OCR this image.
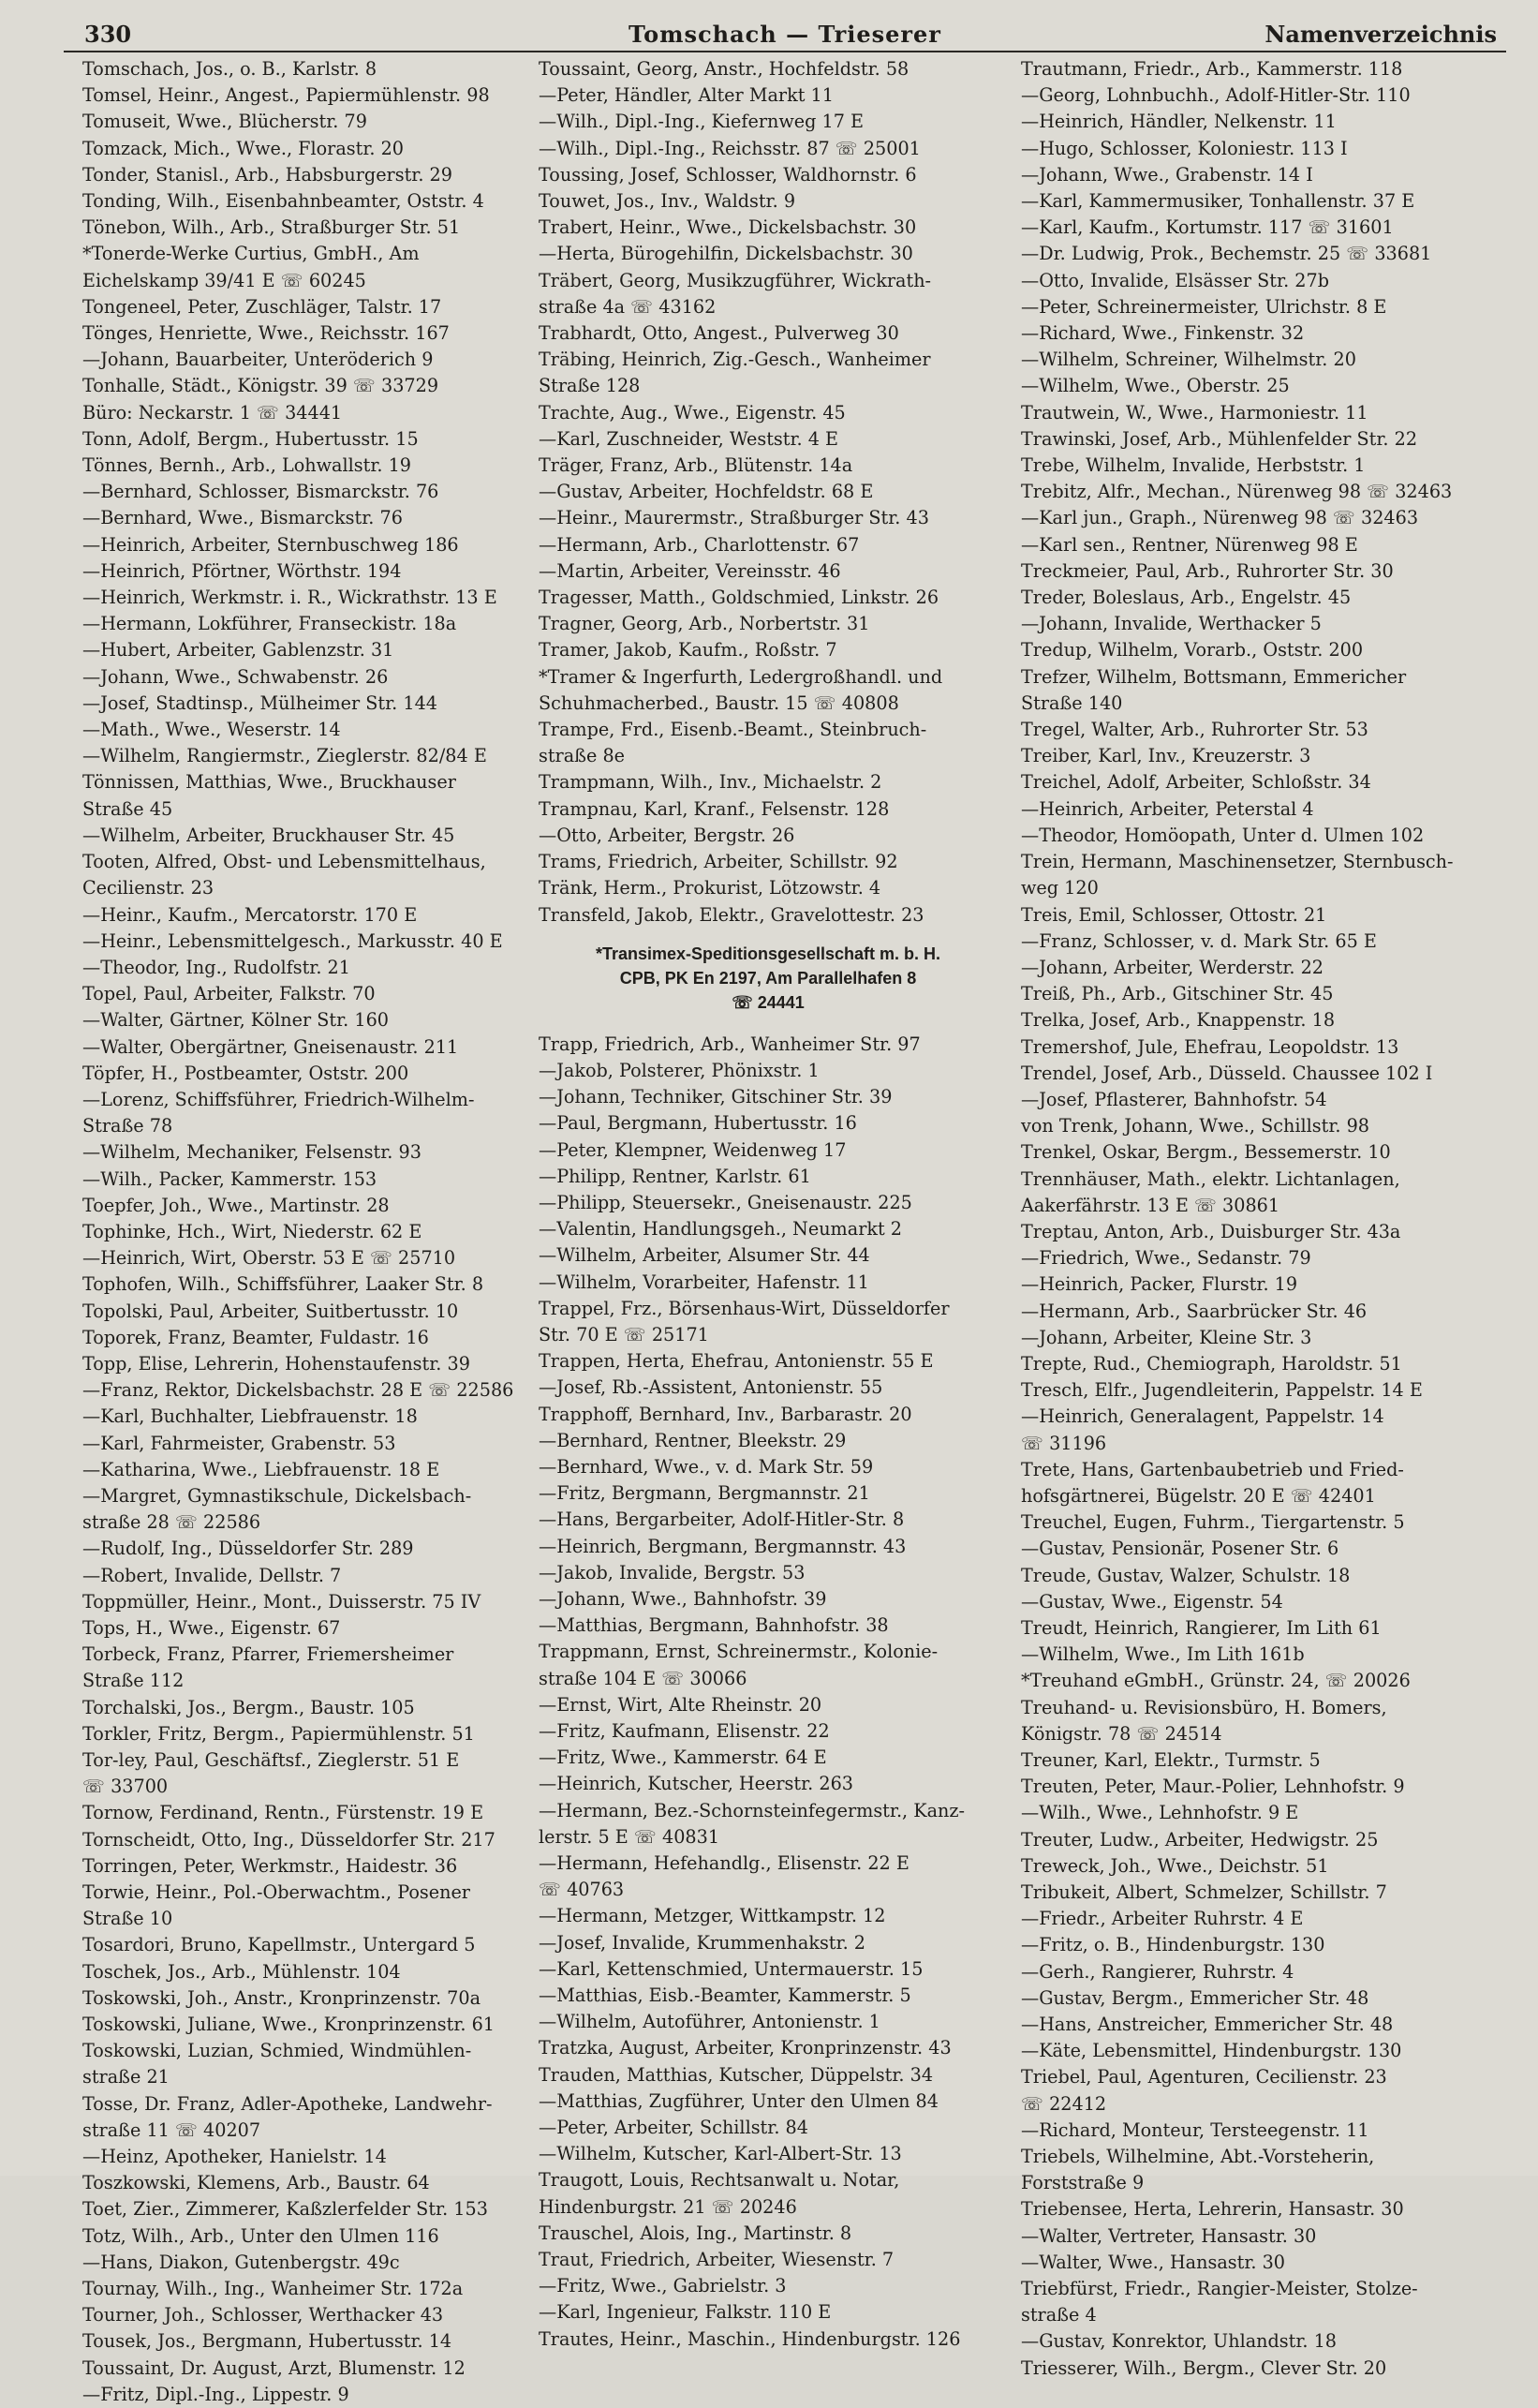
330	Tomschach — Trieserer	Namenverzeichnis
Tomschach, Jos., o. B., Karlstr. 8
Tomsel, Heinr., Angest., Papiermühlenstr. 98
Tomuseit, Wwe., Blücherstr. 79
Tomzack, Mich., Wwe., Florastr. 20
Tonder, Stanisl., Arb., Habsburgerstr. 29
Tonding, Wilh., Eisenbahnbeamter, Oststr. 4
Tönebon, Wilh., Arb., Straßburger Str. 51
*Tonerde-Werke Curtius, GmbH., Am
Eichelskamp 39/41 E ☏ 60245
Tongeneel, Peter, Zuschläger, Talstr. 17
Tönges, Henriette, Wwe., Reichsstr. 167
—Johann, Bauarbeiter, Unteröderich 9
Tonhalle, Städt., Königstr. 39 ☏ 33729
Büro: Neckarstr. 1 ☏ 34441
Tonn, Adolf, Bergm., Hubertusstr. 15
Tönnes, Bernh., Arb., Lohwallstr. 19
—Bernhard, Schlosser, Bismarckstr. 76
—Bernhard, Wwe., Bismarckstr. 76
—Heinrich, Arbeiter, Sternbuschweg 186
—Heinrich, Pförtner, Wörthstr. 194
—Heinrich, Werkmstr. i. R., Wickrathstr. 13 E
—Hermann, Lokführer, Franseckistr. 18a
—Hubert, Arbeiter, Gablenzstr. 31
—Johann, Wwe., Schwabenstr. 26
—Josef, Stadtinsp., Mülheimer Str. 144
—Math., Wwe., Weserstr. 14
—Wilhelm, Rangiermstr., Zieglerstr. 82/84 E
Tönnissen, Matthias, Wwe., Bruckhauser
Straße 45
—Wilhelm, Arbeiter, Bruckhauser Str. 45
Tooten, Alfred, Obst- und Lebensmittelhaus,
Cecilienstr. 23
—Heinr., Kaufm., Mercatorstr. 170 E
—Heinr., Lebensmittelgesch., Markusstr. 40 E
—Theodor, Ing., Rudolfstr. 21
Topel, Paul, Arbeiter, Falkstr. 70
—Walter, Gärtner, Kölner Str. 160
—Walter, Obergärtner, Gneisenaustr. 211
Töpfer, H., Postbeamter, Oststr. 200
—Lorenz, Schiffsführer, Friedrich-Wilhelm-
Straße 78
—Wilhelm, Mechaniker, Felsenstr. 93
—Wilh., Packer, Kammerstr. 153
Toepfer, Joh., Wwe., Martinstr. 28
Tophinke, Hch., Wirt, Niederstr. 62 E
—Heinrich, Wirt, Oberstr. 53 E ☏ 25710
Tophofen, Wilh., Schiffsführer, Laaker Str. 8
Topolski, Paul, Arbeiter, Suitbertusstr. 10
Toporek, Franz, Beamter, Fuldastr. 16
Topp, Elise, Lehrerin, Hohenstaufenstr. 39
—Franz, Rektor, Dickelsbachstr. 28 E ☏ 22586
—Karl, Buchhalter, Liebfrauenstr. 18
—Karl, Fahrmeister, Grabenstr. 53
—Katharina, Wwe., Liebfrauenstr. 18 E
—Margret, Gymnastikschule, Dickelsbach-
straße 28 ☏ 22586
—Rudolf, Ing., Düsseldorfer Str. 289
—Robert, Invalide, Dellstr. 7
Toppmüller, Heinr., Mont., Duisserstr. 75 IV
Tops, H., Wwe., Eigenstr. 67
Torbeck, Franz, Pfarrer, Friemersheimer
Straße 112
Torchalski, Jos., Bergm., Baustr. 105
Torkler, Fritz, Bergm., Papiermühlenstr. 51
Tor-ley, Paul, Geschäftsf., Zieglerstr. 51 E
☏ 33700
Tornow, Ferdinand, Rentn., Fürstenstr. 19 E
Tornscheidt, Otto, Ing., Düsseldorfer Str. 217
Torringen, Peter, Werkmstr., Haidestr. 36
Torwie, Heinr., Pol.-Oberwachtm., Posener
Straße 10
Tosardori, Bruno, Kapellmstr., Untergard 5
Toschek, Jos., Arb., Mühlenstr. 104
Toskowski, Joh., Anstr., Kronprinzenstr. 70a
Toskowski, Juliane, Wwe., Kronprinzenstr. 61
Toskowski, Luzian, Schmied, Windmühlen-
straße 21
Tosse, Dr. Franz, Adler-Apotheke, Landwehr-
straße 11 ☏ 40207
—Heinz, Apotheker, Hanielstr. 14
Toszkowski, Klemens, Arb., Baustr. 64
Toet, Zier., Zimmerer, Kaßzlerfelder Str. 153
Totz, Wilh., Arb., Unter den Ulmen 116
—Hans, Diakon, Gutenbergstr. 49c
Tournay, Wilh., Ing., Wanheimer Str. 172a
Tourner, Joh., Schlosser, Werthacker 43
Tousek, Jos., Bergmann, Hubertusstr. 14
Toussaint, Dr. August, Arzt, Blumenstr. 12
—Fritz, Dipl.-Ing., Lippestr. 9
Toussaint, Georg, Anstr., Hochfeldstr. 58
—Peter, Händler, Alter Markt 11
—Wilh., Dipl.-Ing., Kiefernweg 17 E
—Wilh., Dipl.-Ing., Reichsstr. 87 ☏ 25001
Toussing, Josef, Schlosser, Waldhornstr. 6
Touwet, Jos., Inv., Waldstr. 9
Trabert, Heinr., Wwe., Dickelsbachstr. 30
—Herta, Bürogehilfin, Dickelsbachstr. 30
Träbert, Georg, Musikzugführer, Wickrath-
straße 4a ☏ 43162
Trabhardt, Otto, Angest., Pulverweg 30
Träbing, Heinrich, Zig.-Gesch., Wanheimer
Straße 128
Trachte, Aug., Wwe., Eigenstr. 45
—Karl, Zuschneider, Weststr. 4 E
Träger, Franz, Arb., Blütenstr. 14a
—Gustav, Arbeiter, Hochfeldstr. 68 E
—Heinr., Maurermstr., Straßburger Str. 43
—Hermann, Arb., Charlottenstr. 67
—Martin, Arbeiter, Vereinsstr. 46
Tragesser, Matth., Goldschmied, Linkstr. 26
Tragner, Georg, Arb., Norbertstr. 31
Tramer, Jakob, Kaufm., Roßstr. 7
*Tramer & Ingerfurth, Ledergroßhandl. und
Schuhmacherbed., Baustr. 15 ☏ 40808
Trampe, Frd., Eisenb.-Beamt., Steinbruch-
straße 8e
Trampmann, Wilh., Inv., Michaelstr. 2
Trampnau, Karl, Kranf., Felsenstr. 128
—Otto, Arbeiter, Bergstr. 26
Trams, Friedrich, Arbeiter, Schillstr. 92
Tränk, Herm., Prokurist, Lötzowstr. 4
Transfeld, Jakob, Elektr., Gravelottestr. 23
*Transimex-Speditionsgesellschaft m. b. H.
CPB, PK En 2197, Am Parallelhafen 8
☏ 24441
Trapp, Friedrich, Arb., Wanheimer Str. 97
—Jakob, Polsterer, Phönixstr. 1
—Johann, Techniker, Gitschiner Str. 39
—Paul, Bergmann, Hubertusstr. 16
—Peter, Klempner, Weidenweg 17
—Philipp, Rentner, Karlstr. 61
—Philipp, Steuersekr., Gneisenaustr. 225
—Valentin, Handlungsgeh., Neumarkt 2
—Wilhelm, Arbeiter, Alsumer Str. 44
—Wilhelm, Vorarbeiter, Hafenstr. 11
Trappel, Frz., Börsenhaus-Wirt, Düsseldorfer
Str. 70 E ☏ 25171
Trappen, Herta, Ehefrau, Antonienstr. 55 E
—Josef, Rb.-Assistent, Antonienstr. 55
Trapphoff, Bernhard, Inv., Barbarastr. 20
—Bernhard, Rentner, Bleekstr. 29
—Bernhard, Wwe., v. d. Mark Str. 59
—Fritz, Bergmann, Bergmannstr. 21
—Hans, Bergarbeiter, Adolf-Hitler-Str. 8
—Heinrich, Bergmann, Bergmannstr. 43
—Jakob, Invalide, Bergstr. 53
—Johann, Wwe., Bahnhofstr. 39
—Matthias, Bergmann, Bahnhofstr. 38
Trappmann, Ernst, Schreinermstr., Kolonie-
straße 104 E ☏ 30066
—Ernst, Wirt, Alte Rheinstr. 20
—Fritz, Kaufmann, Elisenstr. 22
—Fritz, Wwe., Kammerstr. 64 E
—Heinrich, Kutscher, Heerstr. 263
—Hermann, Bez.-Schornsteinfegermstr., Kanz-
lerstr. 5 E ☏ 40831
—Hermann, Hefehandlg., Elisenstr. 22 E
☏ 40763
—Hermann, Metzger, Wittkampstr. 12
—Josef, Invalide, Krummenhakstr. 2
—Karl, Kettenschmied, Untermauerstr. 15
—Matthias, Eisb.-Beamter, Kammerstr. 5
—Wilhelm, Autoführer, Antonienstr. 1
Tratzka, August, Arbeiter, Kronprinzenstr. 43
Trauden, Matthias, Kutscher, Düppelstr. 34
—Matthias, Zugführer, Unter den Ulmen 84
—Peter, Arbeiter, Schillstr. 84
—Wilhelm, Kutscher, Karl-Albert-Str. 13
Traugott, Louis, Rechtsanwalt u. Notar,
Hindenburgstr. 21 ☏ 20246
Trauschel, Alois, Ing., Martinstr. 8
Traut, Friedrich, Arbeiter, Wiesenstr. 7
—Fritz, Wwe., Gabrielstr. 3
—Karl, Ingenieur, Falkstr. 110 E
Trautes, Heinr., Maschin., Hindenburgstr. 126
Trautmann, Friedr., Arb., Kammerstr. 118
—Georg, Lohnbuchh., Adolf-Hitler-Str. 110
—Heinrich, Händler, Nelkenstr. 11
—Hugo, Schlosser, Koloniestr. 113 I
—Johann, Wwe., Grabenstr. 14 I
—Karl, Kammermusiker, Tonhallenstr. 37 E
—Karl, Kaufm., Kortumstr. 117 ☏ 31601
—Dr. Ludwig, Prok., Bechemstr. 25 ☏ 33681
—Otto, Invalide, Elsässer Str. 27b
—Peter, Schreinermeister, Ulrichstr. 8 E
—Richard, Wwe., Finkenstr. 32
—Wilhelm, Schreiner, Wilhelmstr. 20
—Wilhelm, Wwe., Oberstr. 25
Trautwein, W., Wwe., Harmoniestr. 11
Trawinski, Josef, Arb., Mühlenfelder Str. 22
Trebe, Wilhelm, Invalide, Herbststr. 1
Trebitz, Alfr., Mechan., Nürenweg 98 ☏ 32463
—Karl jun., Graph., Nürenweg 98 ☏ 32463
—Karl sen., Rentner, Nürenweg 98 E
Treckmeier, Paul, Arb., Ruhrorter Str. 30
Treder, Boleslaus, Arb., Engelstr. 45
—Johann, Invalide, Werthacker 5
Tredup, Wilhelm, Vorarb., Oststr. 200
Trefzer, Wilhelm, Bottsmann, Emmericher
Straße 140
Tregel, Walter, Arb., Ruhrorter Str. 53
Treiber, Karl, Inv., Kreuzerstr. 3
Treichel, Adolf, Arbeiter, Schloßstr. 34
—Heinrich, Arbeiter, Peterstal 4
—Theodor, Homöopath, Unter d. Ulmen 102
Trein, Hermann, Maschinensetzer, Sternbusch-
weg 120
Treis, Emil, Schlosser, Ottostr. 21
—Franz, Schlosser, v. d. Mark Str. 65 E
—Johann, Arbeiter, Werderstr. 22
Treiß, Ph., Arb., Gitschiner Str. 45
Trelka, Josef, Arb., Knappenstr. 18
Tremershof, Jule, Ehefrau, Leopoldstr. 13
Trendel, Josef, Arb., Düsseld. Chaussee 102 I
—Josef, Pflasterer, Bahnhofstr. 54
von Trenk, Johann, Wwe., Schillstr. 98
Trenkel, Oskar, Bergm., Bessemerstr. 10
Trennhäuser, Math., elektr. Lichtanlagen,
Aakerfährstr. 13 E ☏ 30861
Treptau, Anton, Arb., Duisburger Str. 43a
—Friedrich, Wwe., Sedanstr. 79
—Heinrich, Packer, Flurstr. 19
—Hermann, Arb., Saarbrücker Str. 46
—Johann, Arbeiter, Kleine Str. 3
Trepte, Rud., Chemiograph, Haroldstr. 51
Tresch, Elfr., Jugendleiterin, Pappelstr. 14 E
—Heinrich, Generalagent, Pappelstr. 14
☏ 31196
Trete, Hans, Gartenbaubetrieb und Fried-
hofsgärtnerei, Bügelstr. 20 E ☏ 42401
Treuchel, Eugen, Fuhrm., Tiergartenstr. 5
—Gustav, Pensionär, Posener Str. 6
Treude, Gustav, Walzer, Schulstr. 18
—Gustav, Wwe., Eigenstr. 54
Treudt, Heinrich, Rangierer, Im Lith 61
—Wilhelm, Wwe., Im Lith 161b
*Treuhand eGmbH., Grünstr. 24, ☏ 20026
Treuhand- u. Revisionsbüro, H. Bomers,
Königstr. 78 ☏ 24514
Treuner, Karl, Elektr., Turmstr. 5
Treuten, Peter, Maur.-Polier, Lehnhofstr. 9
—Wilh., Wwe., Lehnhofstr. 9 E
Treuter, Ludw., Arbeiter, Hedwigstr. 25
Treweck, Joh., Wwe., Deichstr. 51
Tribukeit, Albert, Schmelzer, Schillstr. 7
—Friedr., Arbeiter Ruhrstr. 4 E
—Fritz, o. B., Hindenburgstr. 130
—Gerh., Rangierer, Ruhrstr. 4
—Gustav, Bergm., Emmericher Str. 48
—Hans, Anstreicher, Emmericher Str. 48
—Käte, Lebensmittel, Hindenburgstr. 130
Triebel, Paul, Agenturen, Cecilienstr. 23
☏ 22412
—Richard, Monteur, Tersteegenstr. 11
Triebels, Wilhelmine, Abt.-Vorsteherin,
Forststraße 9
Triebensee, Herta, Lehrerin, Hansastr. 30
—Walter, Vertreter, Hansastr. 30
—Walter, Wwe., Hansastr. 30
Triebfürst, Friedr., Rangier-Meister, Stolze-
straße 4
—Gustav, Konrektor, Uhlandstr. 18
Triesserer, Wilh., Bergm., Clever Str. 20
